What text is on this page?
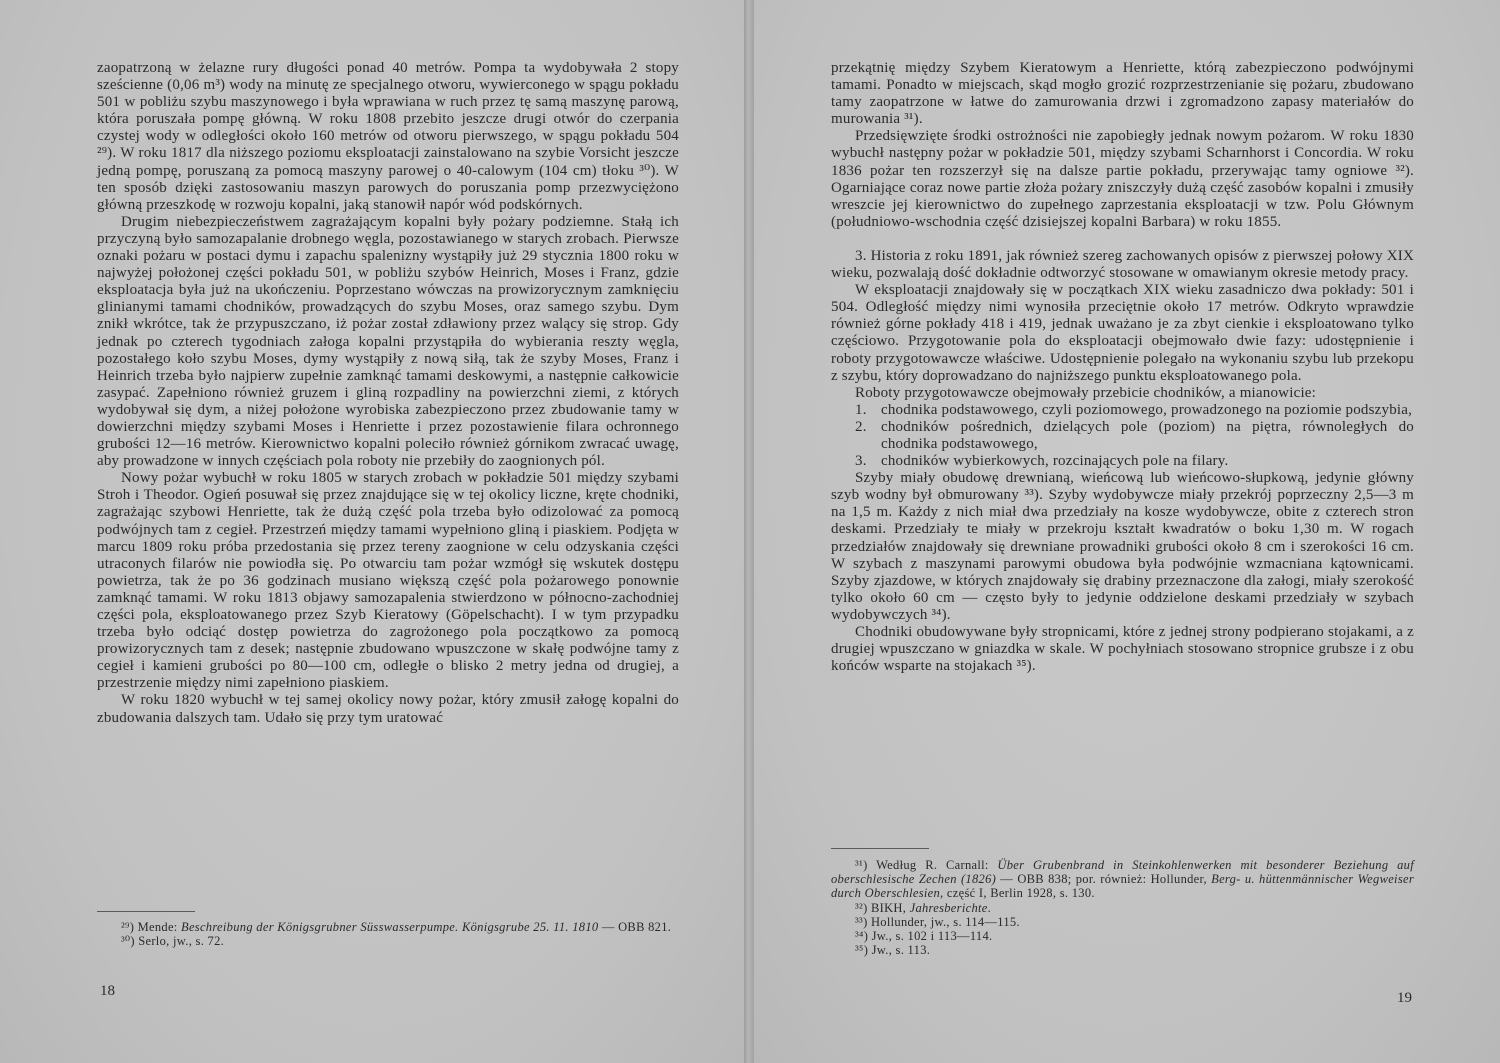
zaopatrzoną w żelazne rury długości ponad 40 metrów. Pompa ta wydobywała 2 stopy sześcienne (0,06 m³) wody na minutę ze specjalnego otworu, wywierconego w spągu pokładu 501 w pobliżu szybu maszynowego i była wprawiana w ruch przez tę samą maszynę parową, która poruszała pompę główną. W roku 1808 przebito jeszcze drugi otwór do czerpania czystej wody w odległości około 160 metrów od otworu pierwszego, w spągu pokładu 504 ²⁹). W roku 1817 dla niższego poziomu eksploatacji zainstalowano na szybie Vorsicht jeszcze jedną pompę, poruszaną za pomocą maszyny parowej o 40-calowym (104 cm) tłoku ³⁰). W ten sposób dzięki zastosowaniu maszyn parowych do poruszania pomp przezwyciężono główną przeszkodę w rozwoju kopalni, jaką stanowił napór wód podskórnych.

Drugim niebezpieczeństwem zagrażającym kopalni były pożary podziemne. Stałą ich przyczyną było samozapalanie drobnego węgla, pozostawianego w starych zrobach. Pierwsze oznaki pożaru w postaci dymu i zapachu spalenizny wystąpiły już 29 stycznia 1800 roku w najwyżej położonej części pokładu 501, w pobliżu szybów Heinrich, Moses i Franz, gdzie eksploatacja była już na ukończeniu. Poprzestano wówczas na prowizorycznym zamknięciu glinianymi tamami chodników, prowadzących do szybu Moses, oraz samego szybu. Dym znikł wkrótce, tak że przypuszczano, iż pożar został zdławiony przez walący się strop. Gdy jednak po czterech tygodniach załoga kopalni przystąpiła do wybierania reszty węgla, pozostałego koło szybu Moses, dymy wystąpiły z nową siłą, tak że szyby Moses, Franz i Heinrich trzeba było najpierw zupełnie zamknąć tamami deskowymi, a następnie całkowicie zasypać. Zapełniono również gruzem i gliną rozpadliny na powierzchni ziemi, z których wydobywał się dym, a niżej położone wyrobiska zabezpieczono przez zbudowanie tamy w dowierzchni między szybami Moses i Henriette i przez pozostawienie filara ochronnego grubości 12—16 metrów. Kierownictwo kopalni poleciło również górnikom zwracać uwagę, aby prowadzone w innych częściach pola roboty nie przebiły do zaognionych pól.

Nowy pożar wybuchł w roku 1805 w starych zrobach w pokładzie 501 między szybami Stroh i Theodor. Ogień posuwał się przez znajdujące się w tej okolicy liczne, kręte chodniki, zagrażając szybowi Henriette, tak że dużą część pola trzeba było odizolować za pomocą podwójnych tam z cegieł. Przestrzeń między tamami wypełniono gliną i piaskiem. Podjęta w marcu 1809 roku próba przedostania się przez tereny zaognione w celu odzyskania części utraconych filarów nie powiodła się. Po otwarciu tam pożar wzmógł się wskutek dostępu powietrza, tak że po 36 godzinach musiano większą część pola pożarowego ponownie zamknąć tamami. W roku 1813 objawy samozapalenia stwierdzono w północno-zachodniej części pola, eksploatowanego przez Szyb Kieratowy (Göpelschacht). I w tym przypadku trzeba było odciąć dostęp powietrza do zagrożonego pola początkowo za pomocą prowizorycznych tam z desek; następnie zbudowano wpuszczone w skałę podwójne tamy z cegieł i kamieni grubości po 80—100 cm, odległe o blisko 2 metry jedna od drugiej, a przestrzenie między nimi zapełniono piaskiem.

W roku 1820 wybuchł w tej samej okolicy nowy pożar, który zmusił załogę kopalni do zbudowania dalszych tam. Udało się przy tym uratować

²⁹) Mende: Beschreibung der Königsgrubner Süsswasserpumpe. Königsgrube 25. 11. 1810 — OBB 821.

³⁰) Serlo, jw., s. 72.

18

przekątnię między Szybem Kieratowym a Henriette, którą zabezpieczono podwójnymi tamami. Ponadto w miejscach, skąd mogło grozić rozprzestrzenianie się pożaru, zbudowano tamy zaopatrzone w łatwe do zamurowania drzwi i zgromadzono zapasy materiałów do murowania ³¹).

Przedsięwzięte środki ostrożności nie zapobiegły jednak nowym pożarom. W roku 1830 wybuchł następny pożar w pokładzie 501, między szybami Scharnhorst i Concordia. W roku 1836 pożar ten rozszerzył się na dalsze partie pokładu, przerywając tamy ogniowe ³²). Ogarniające coraz nowe partie złoża pożary zniszczyły dużą część zasobów kopalni i zmusiły wreszcie jej kierownictwo do zupełnego zaprzestania eksploatacji w tzw. Polu Głównym (południowo-wschodnia część dzisiejszej kopalni Barbara) w roku 1855.

3. Historia z roku 1891, jak również szereg zachowanych opisów z pierwszej połowy XIX wieku, pozwalają dość dokładnie odtworzyć stosowane w omawianym okresie metody pracy.

W eksploatacji znajdowały się w początkach XIX wieku zasadniczo dwa pokłady: 501 i 504. Odległość między nimi wynosiła przeciętnie około 17 metrów. Odkryto wprawdzie również górne pokłady 418 i 419, jednak uważano je za zbyt cienkie i eksploatowano tylko częściowo. Przygotowanie pola do eksploatacji obejmowało dwie fazy: udostępnienie i roboty przygotowawcze właściwe. Udostępnienie polegało na wykonaniu szybu lub przekopu z szybu, który doprowadzano do najniższego punktu eksploatowanego pola.

Roboty przygotowawcze obejmowały przebicie chodników, a mianowicie:

1. chodnika podstawowego, czyli poziomowego, prowadzonego na poziomie podszybia,
2. chodników pośrednich, dzielących pole (poziom) na piętra, równoległych do chodnika podstawowego,
3. chodników wybierkowych, rozcinających pole na filary.

Szyby miały obudowę drewnianą, wieńcową lub wieńcowo-słupkową, jedynie główny szyb wodny był obmurowany ³³). Szyby wydobywcze miały przekrój poprzeczny 2,5—3 m na 1,5 m. Każdy z nich miał dwa przedziały na kosze wydobywcze, obite z czterech stron deskami. Przedziały te miały w przekroju kształt kwadratów o boku 1,30 m. W rogach przedziałów znajdowały się drewniane prowadniki grubości około 8 cm i szerokości 16 cm. W szybach z maszynami parowymi obudowa była podwójnie wzmacniana kątownicami. Szyby zjazdowe, w których znajdowały się drabiny przeznaczone dla załogi, miały szerokość tylko około 60 cm — często były to jedynie oddzielone deskami przedziały w szybach wydobywczych ³⁴).

Chodniki obudowywane były stropnicami, które z jednej strony podpierano stojakami, a z drugiej wpuszczano w gniazdka w skale. W pochyłniach stosowano stropnice grubsze i z obu końców wsparte na stojakach ³⁵).

³¹) Według R. Carnall: Über Grubenbrand in Steinkohlenwerken mit besonderer Beziehung auf oberschlesische Zechen (1826) — OBB 838; por. również: Hollunder, Berg- u. hüttenmännischer Wegweiser durch Oberschlesien, część I, Berlin 1928, s. 130.

³²) BIKH, Jahresberichte.

³³) Hollunder, jw., s. 114—115.

³⁴) Jw., s. 102 i 113—114.

³⁵) Jw., s. 113.

19
